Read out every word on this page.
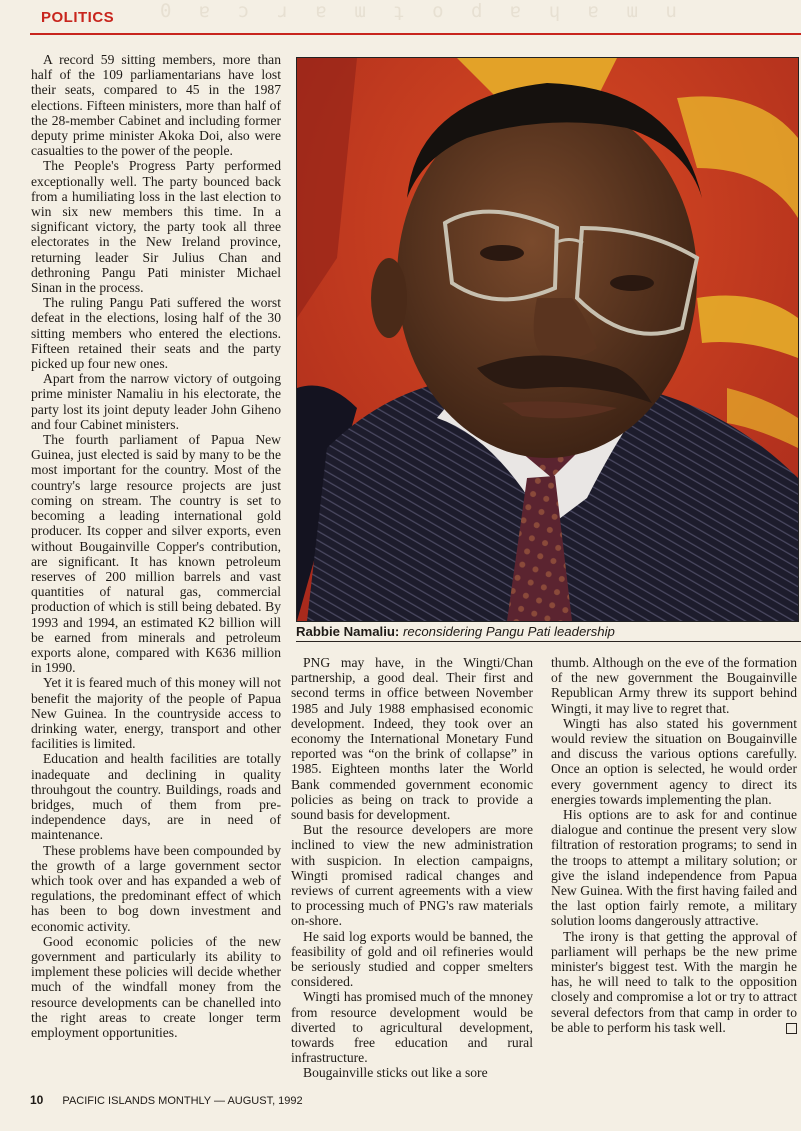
0 ɐ ɔ ɹ ɐ ɯ ʇ o d ɐ ɥ ɐ ɯ u
POLITICS

A record 59 sitting members, more than half of the 109 parliamentarians have lost their seats, compared to 45 in the 1987 elections. Fifteen ministers, more than half of the 28-member Cabinet and including former deputy prime minister Akoka Doi, also were casualties to the power of the people.

The People's Progress Party performed exceptionally well. The party bounced back from a humiliating loss in the last election to win six new members this time. In a significant victory, the party took all three electorates in the New Ireland province, returning leader Sir Julius Chan and dethroning Pangu Pati minister Michael Sinan in the process.

The ruling Pangu Pati suffered the worst defeat in the elections, losing half of the 30 sitting members who entered the elections. Fifteen retained their seats and the party picked up four new ones.

Apart from the narrow victory of outgoing prime minister Namaliu in his electorate, the party lost its joint deputy leader John Giheno and four Cabinet ministers.

The fourth parliament of Papua New Guinea, just elected is said by many to be the most important for the country. Most of the country's large resource projects are just coming on stream. The country is set to becoming a leading international gold producer. Its copper and silver exports, even without Bougainville Copper's contribution, are significant. It has known petroleum reserves of 200 million barrels and vast quantities of natural gas, commercial production of which is still being debated. By 1993 and 1994, an estimated K2 billion will be earned from minerals and petroleum exports alone, compared with K636 million in 1990.

Yet it is feared much of this money will not benefit the majority of the people of Papua New Guinea. In the countryside access to drinking water, energy, transport and other facilities is limited.

Education and health facilities are totally inadequate and declining in quality throuhgout the country. Buildings, roads and bridges, much of them from pre-independence days, are in need of maintenance.

These problems have been compounded by the growth of a large government sector which took over and has expanded a web of regulations, the predominant effect of which has been to bog down investment and economic activity.

Good economic policies of the new government and particularly its ability to implement these policies will decide whether much of the windfall money from the resource developments can be chanelled into the right areas to create longer term employment opportunities.

Rabbie Namaliu: reconsidering Pangu Pati leadership

PNG may have, in the Wingti/Chan partnership, a good deal. Their first and second terms in office between November 1985 and July 1988 emphasised economic development. Indeed, they took over an economy the International Monetary Fund reported was “on the brink of collapse” in 1985. Eighteen months later the World Bank commended government economic policies as being on track to provide a sound basis for development.

But the resource developers are more inclined to view the new administration with suspicion. In election campaigns, Wingti promised radical changes and reviews of current agreements with a view to processing much of PNG's raw materials on-shore.

He said log exports would be banned, the feasibility of gold and oil refineries would be seriously studied and copper smelters considered.

Wingti has promised much of the mnoney from resource development would be diverted to agricultural development, towards free education and rural infrastructure.

Bougainville sticks out like a sore

thumb. Although on the eve of the formation of the new government the Bougainville Republican Army threw its support behind Wingti, it may live to regret that.

Wingti has also stated his government would review the situation on Bougainville and discuss the various options carefully. Once an option is selected, he would order every government agency to direct its energies towards implementing the plan.

His options are to ask for and continue dialogue and continue the present very slow filtration of restoration programs; to send in the troops to attempt a military solution; or give the island independence from Papua New Guinea. With the first having failed and the last option fairly remote, a military solution looms dangerously attractive.

The irony is that getting the approval of parliament will perhaps be the new prime minister's biggest test. With the margin he has, he will need to talk to the opposition closely and compromise a lot or try to attract several defectors from that camp in order to be able to perform his task well.

10 PACIFIC ISLANDS MONTHLY — AUGUST, 1992
